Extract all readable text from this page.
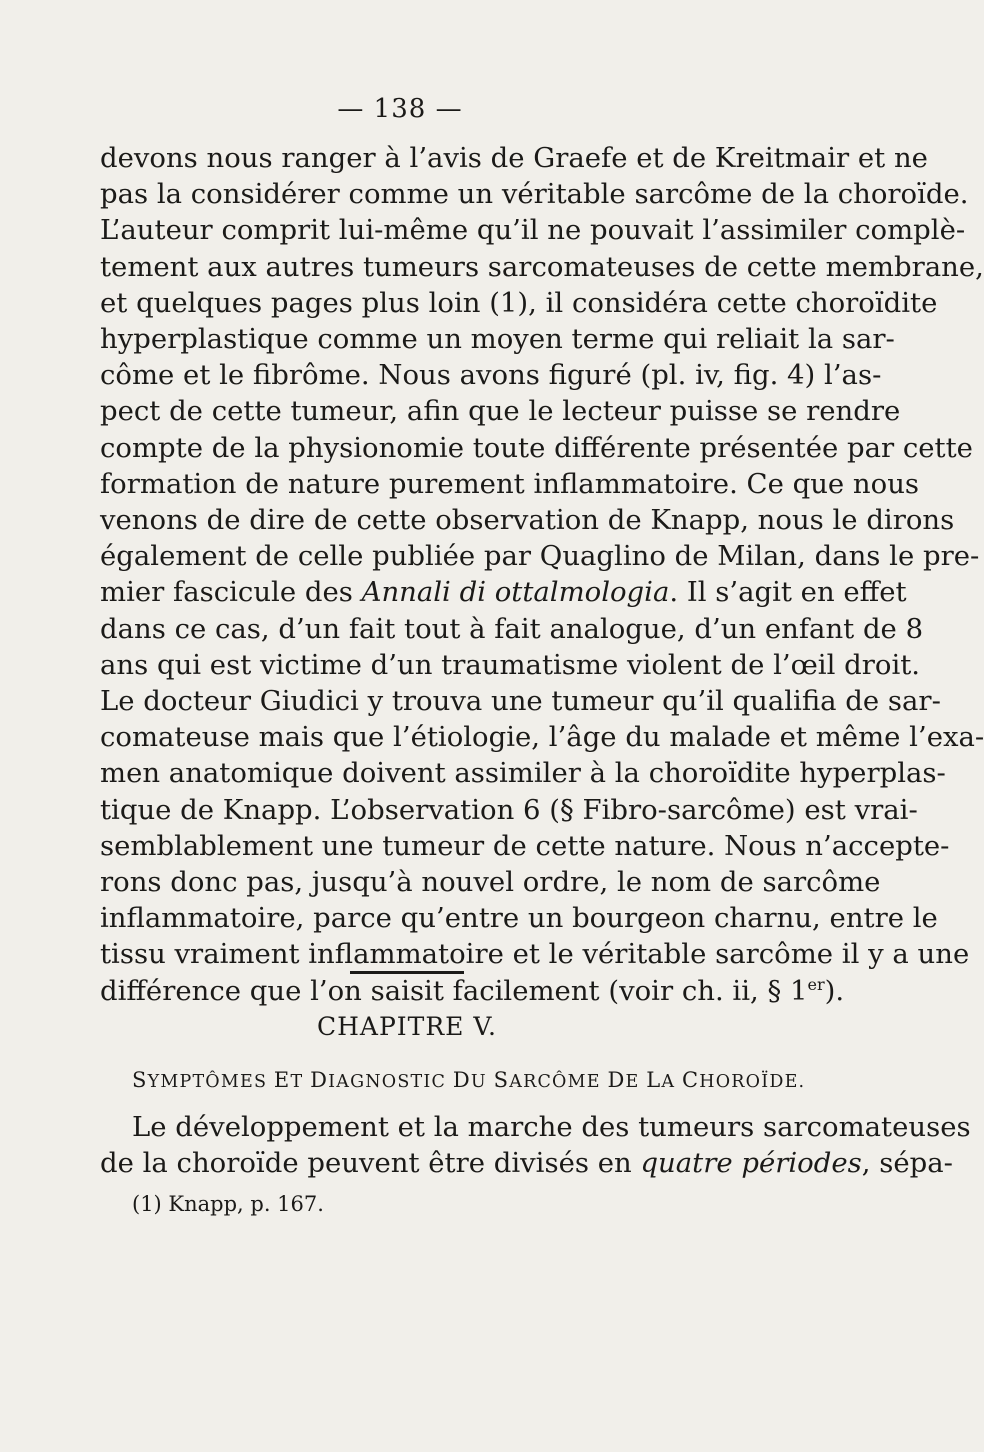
— 138 —
devons nous ranger à l’avis de Graefe et de Kreitmair et ne
pas la considérer comme un véritable sarcôme de la choroïde.
L’auteur comprit lui-même qu’il ne pouvait l’assimiler complè-
tement aux autres tumeurs sarcomateuses de cette membrane,
et quelques pages plus loin (1), il considéra cette choroïdite
hyperplastique comme un moyen terme qui reliait la sar-
côme et le fibrôme. Nous avons figuré (pl. iv, fig. 4) l’as-
pect de cette tumeur, afin que le lecteur puisse se rendre
compte de la physionomie toute différente présentée par cette
formation de nature purement inflammatoire. Ce que nous
venons de dire de cette observation de Knapp, nous le dirons
également de celle publiée par Quaglino de Milan, dans le pre-
mier fascicule des Annali di ottalmologia. Il s’agit en effet
dans ce cas, d’un fait tout à fait analogue, d’un enfant de 8
ans qui est victime d’un traumatisme violent de l’œil droit.
Le docteur Giudici y trouva une tumeur qu’il qualifia de sar-
comateuse mais que l’étiologie, l’âge du malade et même l’exa-
men anatomique doivent assimiler à la choroïdite hyperplas-
tique de Knapp. L’observation 6 (§ Fibro-sarcôme) est vrai-
semblablement une tumeur de cette nature. Nous n’accepte-
rons donc pas, jusqu’à nouvel ordre, le nom de sarcôme
inflammatoire, parce qu’entre un bourgeon charnu, entre le
tissu vraiment inflammatoire et le véritable sarcôme il y a une
différence que l’on saisit facilement (voir ch. ii, § 1er).
CHAPITRE V.
SYMPTÔMES ET DIAGNOSTIC DU SARCÔME DE LA CHOROÏDE.
Le développement et la marche des tumeurs sarcomateuses
de la choroïde peuvent être divisés en quatre périodes, sépa-
(1) Knapp, p. 167.
